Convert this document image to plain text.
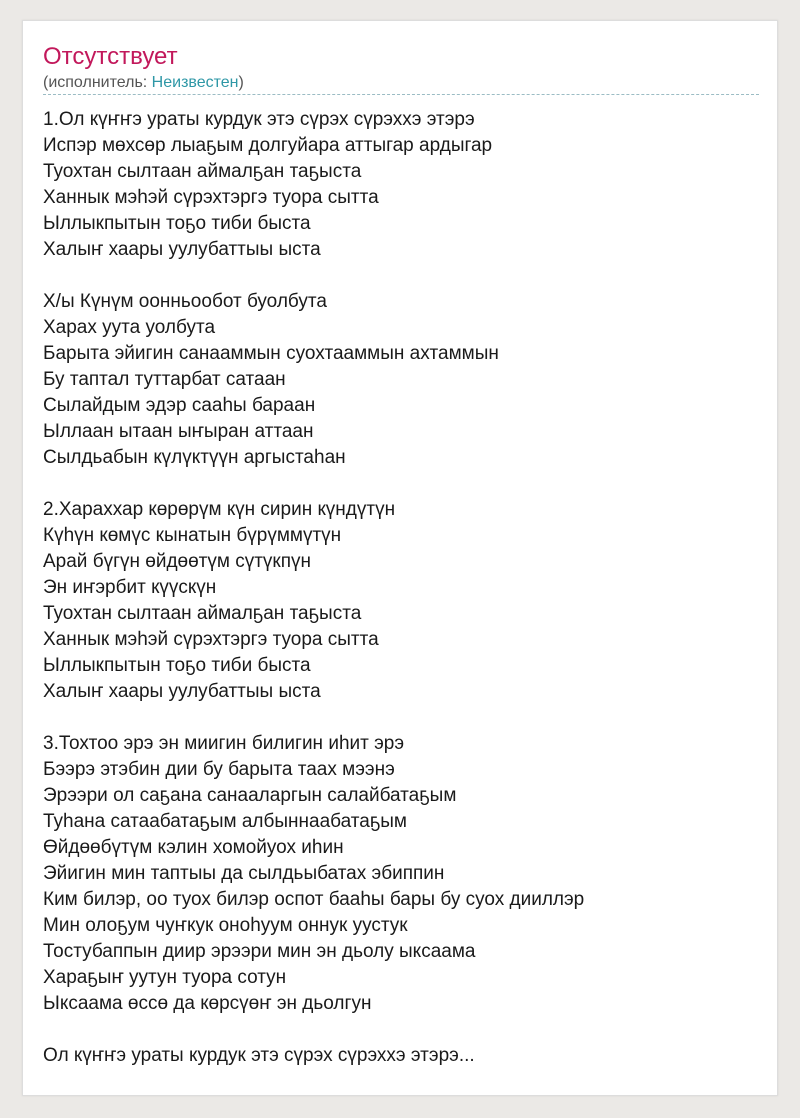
Отсутствует
(исполнитель: Неизвестен)
1.Ол күҥҥэ ураты курдук этэ сүрэх сүрэххэ этэрэ
Испэр мөхсөр лыаҕым долгуйара аттыгар ардыгар
Туохтан сылтаан аймалҕан таҕыста
Ханнык мэһэй сүрэхтэргэ туора сытта
Ыллыкпытын тоҕо тиби быста
Халыҥ хаары уулубаттыы ыста
Х/ы Күнүм оонньообот буолбута
Харах уута уолбута
Барыта эйигин санааммын суохтааммын ахтаммын
Бу таптал туттарбат сатаан
Сылайдым эдэр сааһы бараан
Ыллаан ытаан ыҥыран аттаан
Сылдьабын күлүктүүн аргыстаһан
2.Хараххар көрөрүм күн сирин күндүтүн
Күһүн көмүс кынатын бүрүммүтүн
Арай бүгүн өйдөөтүм сүтүкпүн
Эн иҥэрбит күүскүн
Туохтан сылтаан аймалҕан таҕыста
Ханнык мэһэй сүрэхтэргэ туора сытта
Ыллыкпытын тоҕо тиби быста
Халыҥ хаары уулубаттыы ыста
3.Тохтоо эрэ эн миигин билигин иһит эрэ
Бээрэ этэбин дии бу барыта таах мээнэ
Эрээри ол саҕана санааларгын салайбатаҕым
Туһана сатаабатаҕым албыннаабатаҕым
Өйдөөбүтүм кэлин хомойуох иһин
Эйигин мин таптыы да сылдьыбатах эбиппин
Ким билэр, оо туох билэр оспот бааһы бары бу суох дииллэр
Мин олоҕум чуҥкук оноһуум оннук уустук
Тостубаппын диир эрээри мин эн дьолу ыксаама
Хараҕыҥ уутун туора сотун
Ыксаама өссө да көрсүөҥ эн дьолгун
Ол күҥҥэ ураты курдук этэ сүрэх сүрэххэ этэрэ...
